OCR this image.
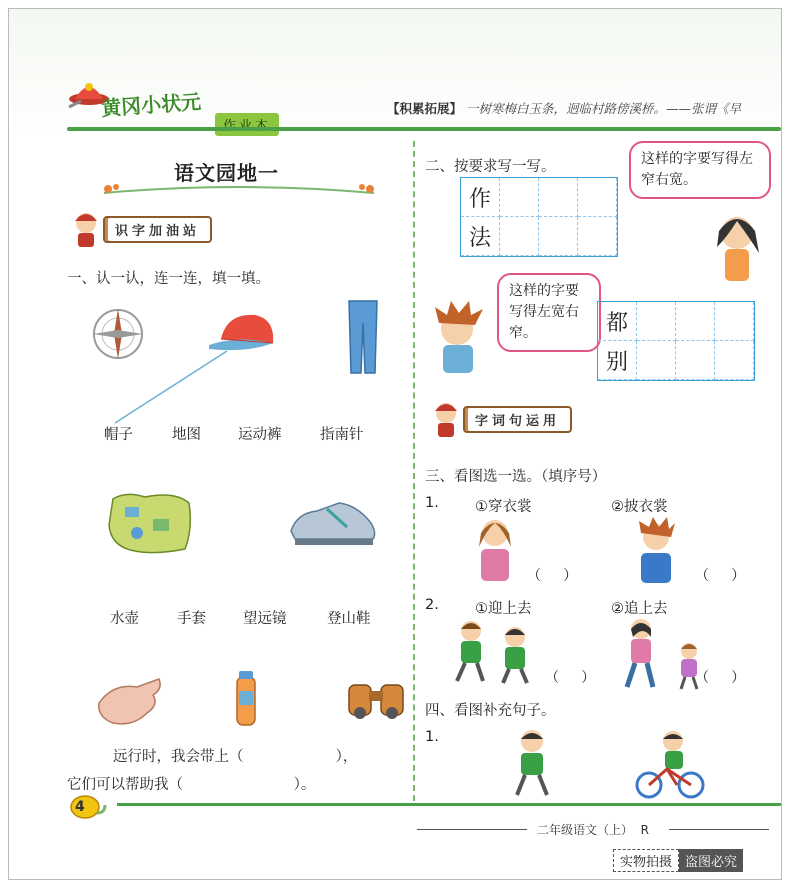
黄冈小状元	【积累拓展】 一树寒梅白玉条，迥临村路傍溪桥。——张谓《早
语文园地一
识字加油站
一、认一认，连一连，填一填。
帽子	地图	运动裤	指南针
水壶	手套	望远镜	登山鞋
远行时，我会带上（                    ），
它们可以帮助我（                        ）。
二、按要求写一写。	这样的字要写得左窄右宽。
作
法
这样的字要写得左宽右窄。	都
别
字词句运用
三、看图选一选。（填序号）
1. ①穿衣裳	②披衣裳
（     ）	（     ）
2. ①迎上去	②追上去
（     ）	（     ）
四、看图补充句子。
1.
4
二年级语文（上）  R
实物拍摄	盗图必究
